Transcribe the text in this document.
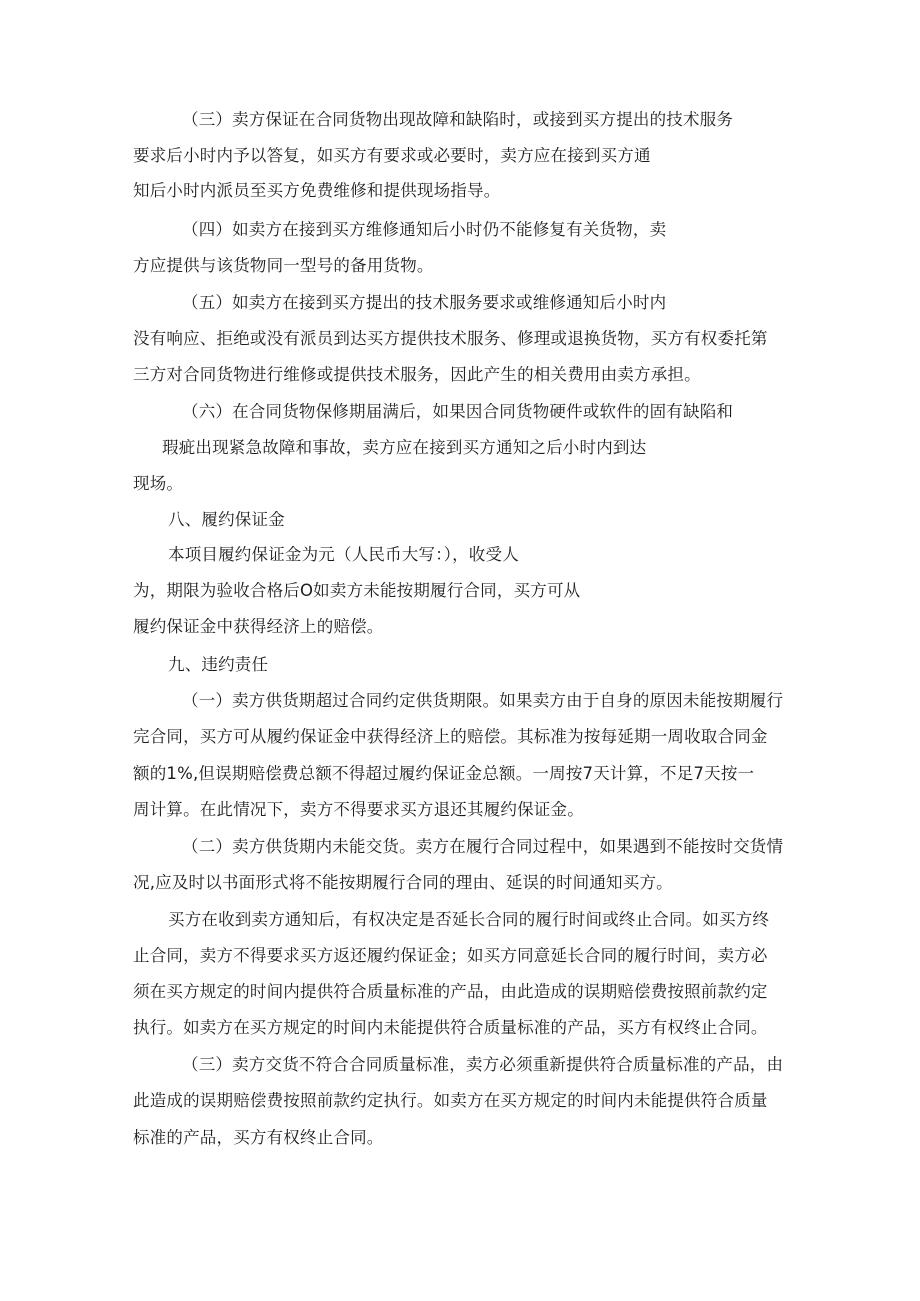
（三）卖方保证在合同货物出现故障和缺陷时，或接到买方提出的技术服务
要求后小时内予以答复，如买方有要求或必要时，卖方应在接到买方通
知后小时内派员至买方免费维修和提供现场指导。
（四）如卖方在接到买方维修通知后小时仍不能修复有关货物，卖
方应提供与该货物同一型号的备用货物。
（五）如卖方在接到买方提出的技术服务要求或维修通知后小时内
没有响应、拒绝或没有派员到达买方提供技术服务、修理或退换货物，买方有权委托第
三方对合同货物进行维修或提供技术服务，因此产生的相关费用由卖方承担。
（六）在合同货物保修期届满后，如果因合同货物硬件或软件的固有缺陷和
瑕疵出现紧急故障和事故，卖方应在接到买方通知之后小时内到达
现场。
八、履约保证金
本项目履约保证金为元（人民币大写：），收受人
为，期限为验收合格后O如卖方未能按期履行合同，买方可从
履约保证金中获得经济上的赔偿。
九、违约责任
（一）卖方供货期超过合同约定供货期限。如果卖方由于自身的原因未能按期履行
完合同，买方可从履约保证金中获得经济上的赔偿。其标准为按每延期一周收取合同金
额的1%,但误期赔偿费总额不得超过履约保证金总额。一周按7天计算，不足7天按一
周计算。在此情况下，卖方不得要求买方退还其履约保证金。
（二）卖方供货期内未能交货。卖方在履行合同过程中，如果遇到不能按时交货情
况,应及时以书面形式将不能按期履行合同的理由、延误的时间通知买方。
买方在收到卖方通知后，有权决定是否延长合同的履行时间或终止合同。如买方终
止合同，卖方不得要求买方返还履约保证金；如买方同意延长合同的履行时间，卖方必
须在买方规定的时间内提供符合质量标准的产品，由此造成的误期赔偿费按照前款约定
执行。如卖方在买方规定的时间内未能提供符合质量标准的产品，买方有权终止合同。
（三）卖方交货不符合合同质量标准，卖方必须重新提供符合质量标准的产品，由
此造成的误期赔偿费按照前款约定执行。如卖方在买方规定的时间内未能提供符合质量
标准的产品，买方有权终止合同。
